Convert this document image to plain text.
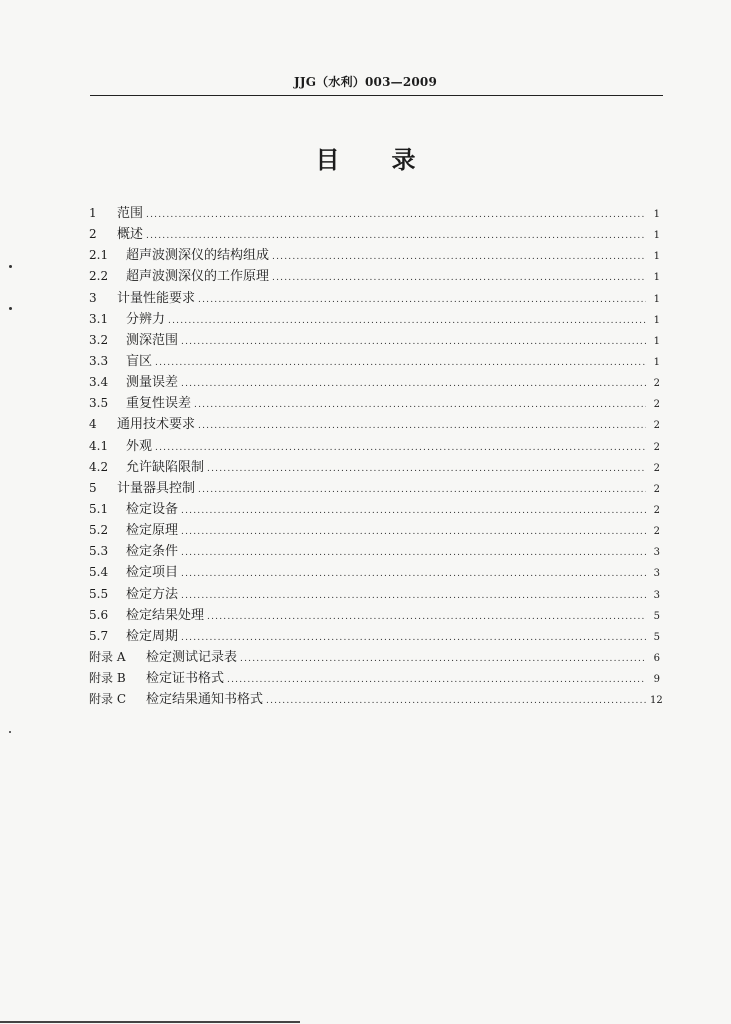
JJG（水利）003—2009
目录
1	范围 .....	1
2	概述 .....	1
2.1	超声波测深仪的结构组成 .....	1
2.2	超声波测深仪的工作原理 .....	1
3	计量性能要求 .....	1
3.1	分辨力 .....	1
3.2	测深范围 .....	1
3.3	盲区 .....	1
3.4	测量误差 .....	2
3.5	重复性误差 .....	2
4	通用技术要求 .....	2
4.1	外观 .....	2
4.2	允许缺陷限制 .....	2
5	计量器具控制 .....	2
5.1	检定设备 .....	2
5.2	检定原理 .....	2
5.3	检定条件 .....	3
5.4	检定项目 .....	3
5.5	检定方法 .....	3
5.6	检定结果处理 .....	5
5.7	检定周期 .....	5
附录 A	检定测试记录表 .....	6
附录 B	检定证书格式 .....	9
附录 C	检定结果通知书格式 .....	12
